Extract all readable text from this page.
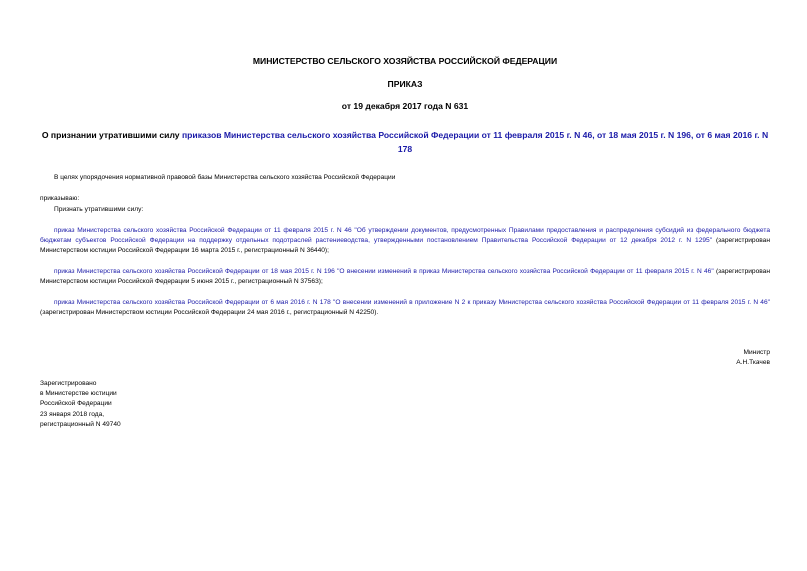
МИНИСТЕРСТВО СЕЛЬСКОГО ХОЗЯЙСТВА РОССИЙСКОЙ ФЕДЕРАЦИИ

ПРИКАЗ

от 19 декабря 2017 года N 631

О признании утратившими силу приказов Министерства сельского хозяйства Российской Федерации от 11 февраля 2015 г. N 46, от 18 мая 2015 г. N 196, от 6 мая 2016 г. N 178

В целях упорядочения нормативной правовой базы Министерства сельского хозяйства Российской Федерации

приказываю:

Признать утратившими силу:

приказ Министерства сельского хозяйства Российской Федерации от 11 февраля 2015 г. N 46 "Об утверждении документов, предусмотренных Правилами предоставления и распределения субсидий из федерального бюджета бюджетам субъектов Российской Федерации на поддержку отдельных подотраслей растениеводства, утвержденными постановлением Правительства Российской Федерации от 12 декабря 2012 г. N 1295" (зарегистрирован Министерством юстиции Российской Федерации 16 марта 2015 г., регистрационный N 36440);

приказ Министерства сельского хозяйства Российской Федерации от 18 мая 2015 г. N 196 "О внесении изменений в приказ Министерства сельского хозяйства Российской Федерации от 11 февраля 2015 г. N 46" (зарегистрирован Министерством юстиции Российской Федерации 5 июня 2015 г., регистрационный N 37563);

приказ Министерства сельского хозяйства Российской Федерации от 6 мая 2016 г. N 178 "О внесении изменений в приложение N 2 к приказу Министерства сельского хозяйства Российской Федерации от 11 февраля 2015 г. N 46" (зарегистрирован Министерством юстиции Российской Федерации 24 мая 2016 г., регистрационный N 42250).

Министр
А.Н.Ткачев
Зарегистрировано
в Министерстве юстиции
Российской Федерации
23 января 2018 года,
регистрационный N 49740
